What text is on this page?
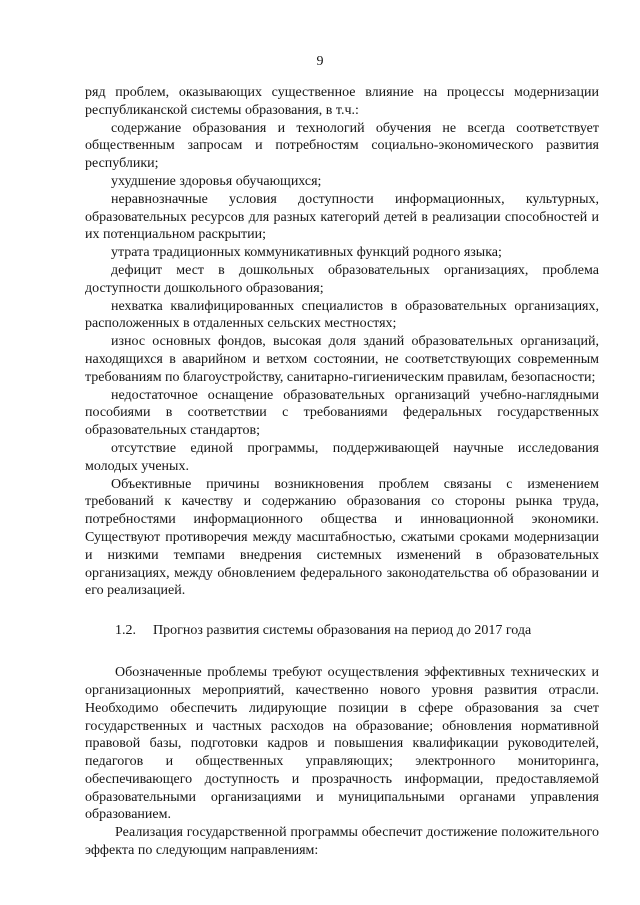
9

ряд проблем, оказывающих существенное влияние на процессы модернизации республиканской системы образования, в т.ч.:

содержание образования и технологий обучения не всегда соответствует общественным запросам и потребностям социально-экономического развития республики;

ухудшение здоровья обучающихся;

неравнозначные условия доступности информационных, культурных, образовательных ресурсов для разных категорий детей в реализации способностей и их потенциальном раскрытии;

утрата традиционных коммуникативных функций родного языка;

дефицит мест в дошкольных образовательных организациях, проблема доступности дошкольного образования;

нехватка квалифицированных специалистов в образовательных организациях, расположенных в отдаленных сельских местностях;

износ основных фондов, высокая доля зданий образовательных организаций, находящихся в аварийном и ветхом состоянии, не соответствующих современным требованиям по благоустройству, санитарно-гигиеническим правилам, безопасности;

недостаточное оснащение образовательных организаций учебно-наглядными пособиями в соответствии с требованиями федеральных государственных образовательных стандартов;

отсутствие единой программы, поддерживающей научные исследования молодых ученых.

Объективные причины возникновения проблем связаны с изменением требований к качеству и содержанию образования со стороны рынка труда, потребностями информационного общества и инновационной экономики. Существуют противоречия между масштабностью, сжатыми сроками модернизации и низкими темпами внедрения системных изменений в образовательных организациях, между обновлением федерального законодательства об образовании и его реализацией.

1.2. Прогноз развития системы образования на период до 2017 года

Обозначенные проблемы требуют осуществления эффективных технических и организационных мероприятий, качественно нового уровня развития отрасли. Необходимо обеспечить лидирующие позиции в сфере образования за счет государственных и частных расходов на образование; обновления нормативной правовой базы, подготовки кадров и повышения квалификации руководителей, педагогов и общественных управляющих; электронного мониторинга, обеспечивающего доступность и прозрачность информации, предоставляемой образовательными организациями и муниципальными органами управления образованием.

Реализация государственной программы обеспечит достижение положительного эффекта по следующим направлениям:
